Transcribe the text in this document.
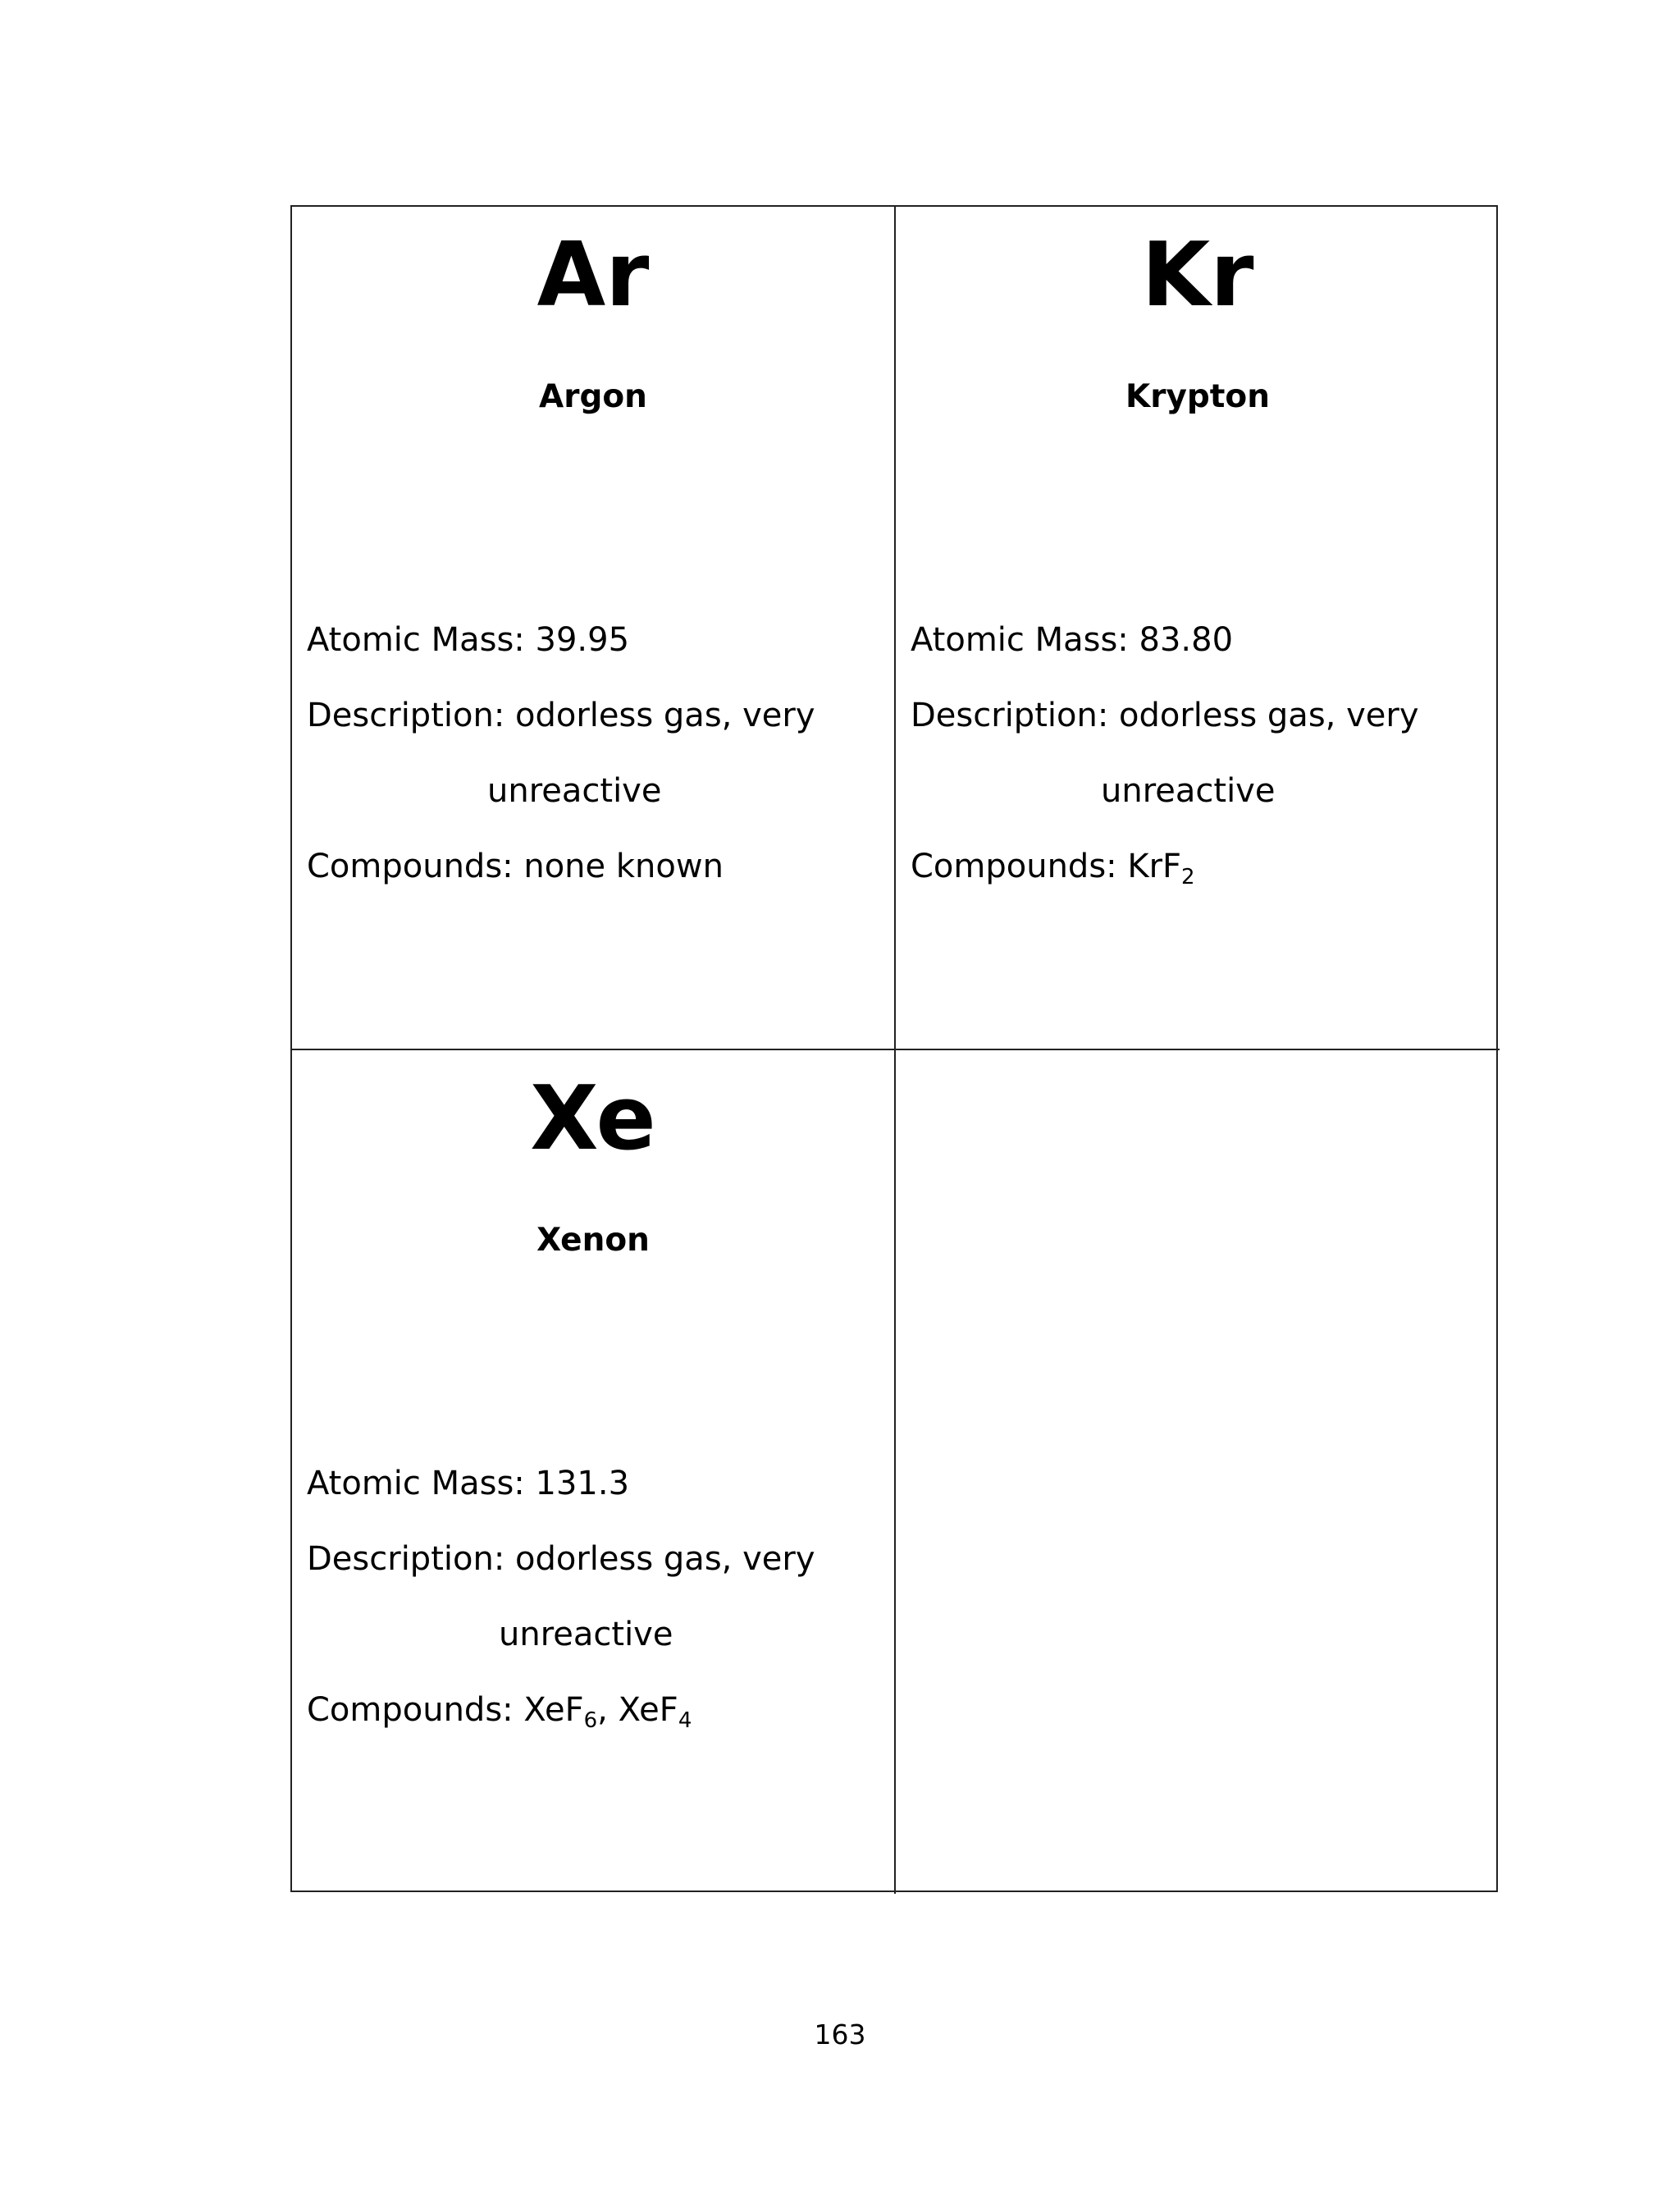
Ar

Argon

Atomic Mass: 39.95
Description: odorless gas, very
unreactive
Compounds: none known

Kr

Krypton

Atomic Mass: 83.80
Description: odorless gas, very
unreactive
Compounds: KrF$_2$

Xe

Xenon

Atomic Mass: 131.3
Description: odorless gas, very
unreactive
Compounds: XeF$_6$, XeF$_4$
163
